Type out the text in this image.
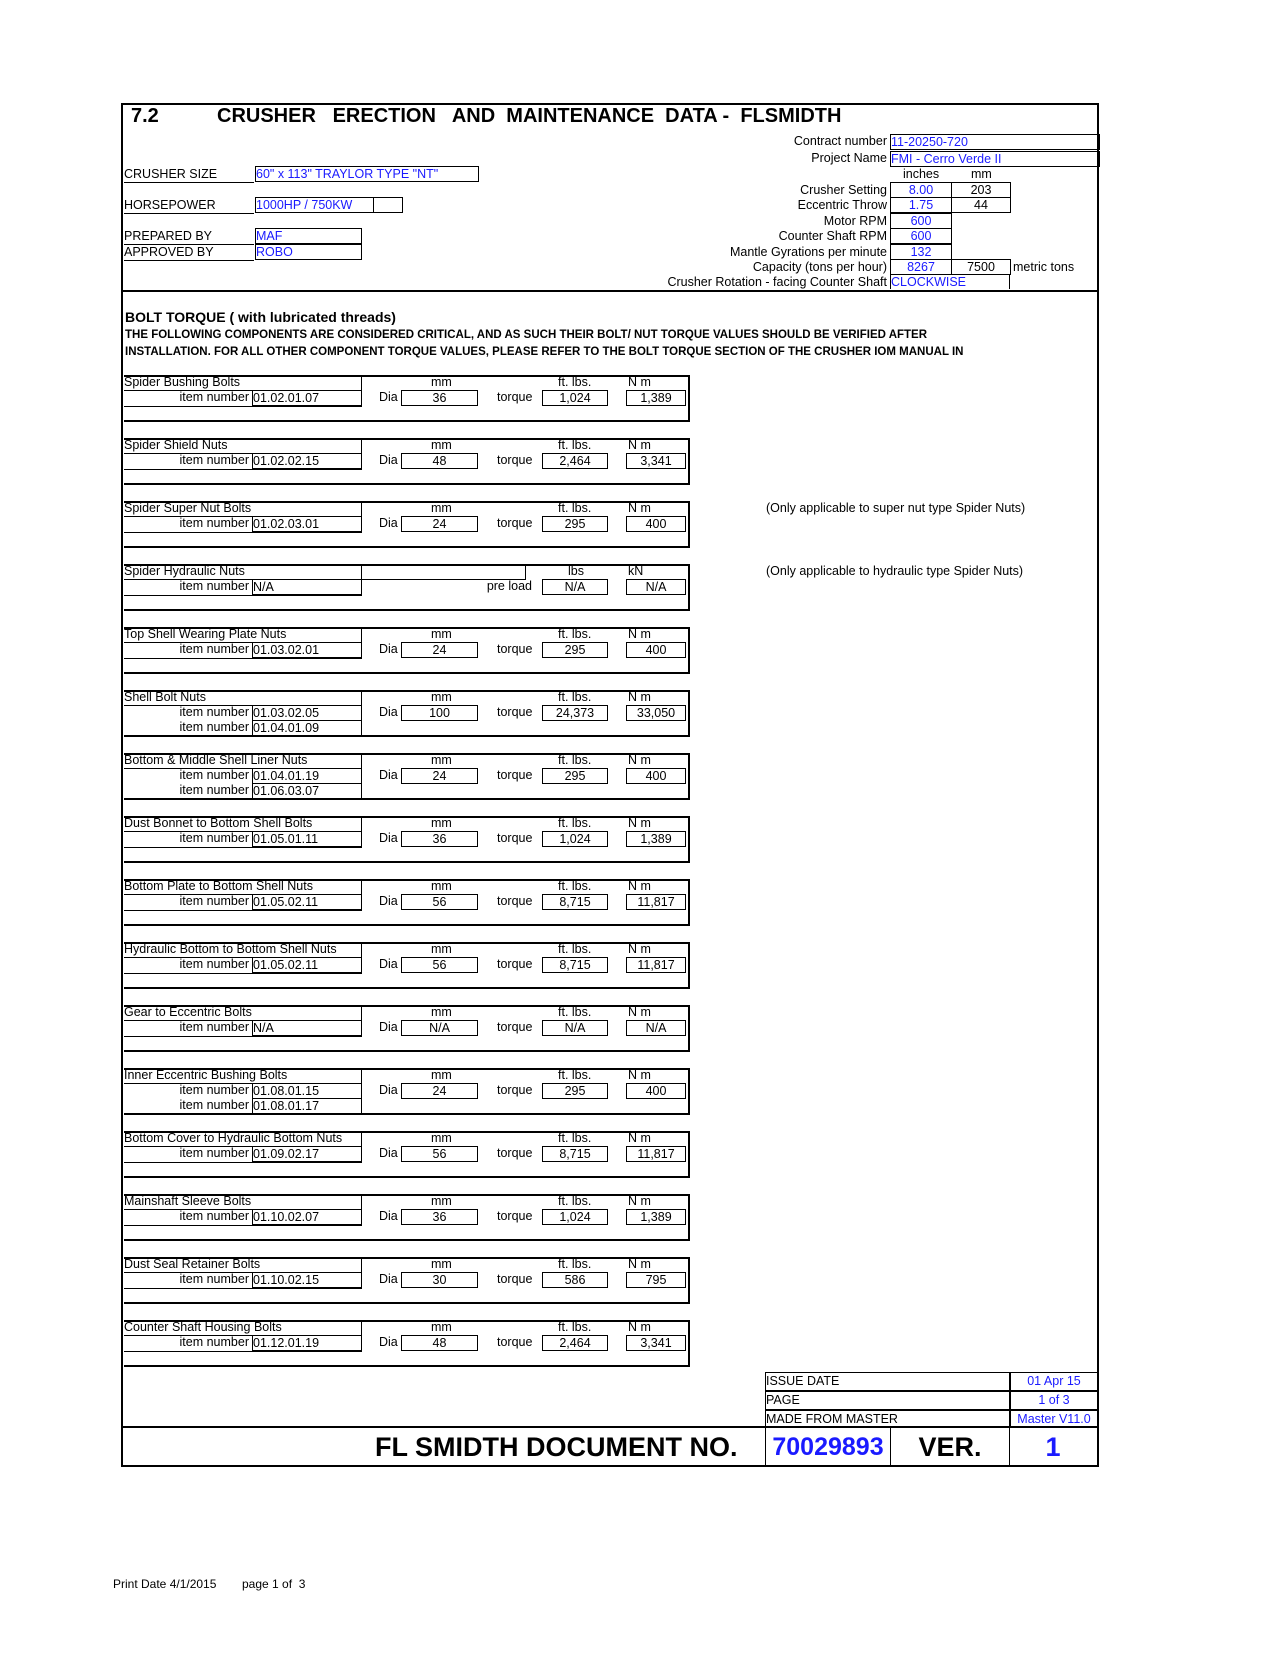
7.2	CRUSHER   ERECTION   AND  MAINTENANCE  DATA -  FLSMIDTH
Contract number 11-20250-720
Project Name FMI - Cerro Verde II
CRUSHER SIZE	60" x 113" TRAYLOR TYPE "NT"
HORSEPOWER	1000HP / 750KW
PREPARED BY	MAF
APPROVED BY	ROBO
inches	mm
Crusher Setting	8.00	203
Eccentric Throw	1.75	44
Motor RPM	600
Counter Shaft RPM	600
Mantle Gyrations per minute	132
Capacity (tons per hour)	8267	7500	metric tons
Crusher Rotation - facing Counter Shaft CLOCKWISE
BOLT TORQUE ( with lubricated threads)
THE FOLLOWING COMPONENTS ARE CONSIDERED CRITICAL, AND AS SUCH THEIR BOLT/ NUT TORQUE VALUES SHOULD BE VERIFIED AFTER
INSTALLATION. FOR ALL OTHER COMPONENT TORQUE VALUES, PLEASE REFER TO THE BOLT TORQUE SECTION OF THE CRUSHER IOM MANUAL IN
Spider Bushing Bolts
item number 01.02.01.07
mm	ft. lbs.	N m
Dia	36	torque	1,024	1,389
Spider Shield Nuts
item number 01.02.02.15
mm	ft. lbs.	N m
Dia	48	torque	2,464	3,341
Spider Super Nut Bolts
item number 01.02.03.01
mm	ft. lbs.	N m
Dia	24	torque	295	400
(Only applicable to super nut type Spider Nuts)
Spider Hydraulic Nuts
item number N/A
lbs	kN
pre load	N/A	N/A
(Only applicable to hydraulic type Spider Nuts)
Top Shell Wearing Plate Nuts
item number 01.03.02.01
mm	ft. lbs.	N m
Dia	24	torque	295	400
Shell Bolt Nuts
item number 01.03.02.05
item number 01.04.01.09
mm	ft. lbs.	N m
Dia	100	torque	24,373	33,050
Bottom & Middle Shell Liner Nuts
item number 01.04.01.19
item number 01.06.03.07
mm	ft. lbs.	N m
Dia	24	torque	295	400
Dust Bonnet to Bottom Shell Bolts
item number 01.05.01.11
mm	ft. lbs.	N m
Dia	36	torque	1,024	1,389
Bottom Plate to Bottom Shell Nuts
item number 01.05.02.11
mm	ft. lbs.	N m
Dia	56	torque	8,715	11,817
Hydraulic Bottom to Bottom Shell Nuts
item number 01.05.02.11
mm	ft. lbs.	N m
Dia	56	torque	8,715	11,817
Gear to Eccentric Bolts
item number N/A
mm	ft. lbs.	N m
Dia	N/A	torque	N/A	N/A
Inner Eccentric Bushing Bolts
item number 01.08.01.15
item number 01.08.01.17
mm	ft. lbs.	N m
Dia	24	torque	295	400
Bottom Cover to Hydraulic Bottom Nuts
item number 01.09.02.17
mm	ft. lbs.	N m
Dia	56	torque	8,715	11,817
Mainshaft Sleeve Bolts
item number 01.10.02.07
mm	ft. lbs.	N m
Dia	36	torque	1,024	1,389
Dust Seal Retainer Bolts
item number 01.10.02.15
mm	ft. lbs.	N m
Dia	30	torque	586	795
Counter Shaft Housing Bolts
item number 01.12.01.19
mm	ft. lbs.	N m
Dia	48	torque	2,464	3,341
ISSUE DATE	01 Apr 15
PAGE	1 of 3
MADE FROM MASTER	Master V11.0
FL SMIDTH DOCUMENT NO. 70029893	VER.	1
Print Date 4/1/2015 page 1 of  3
